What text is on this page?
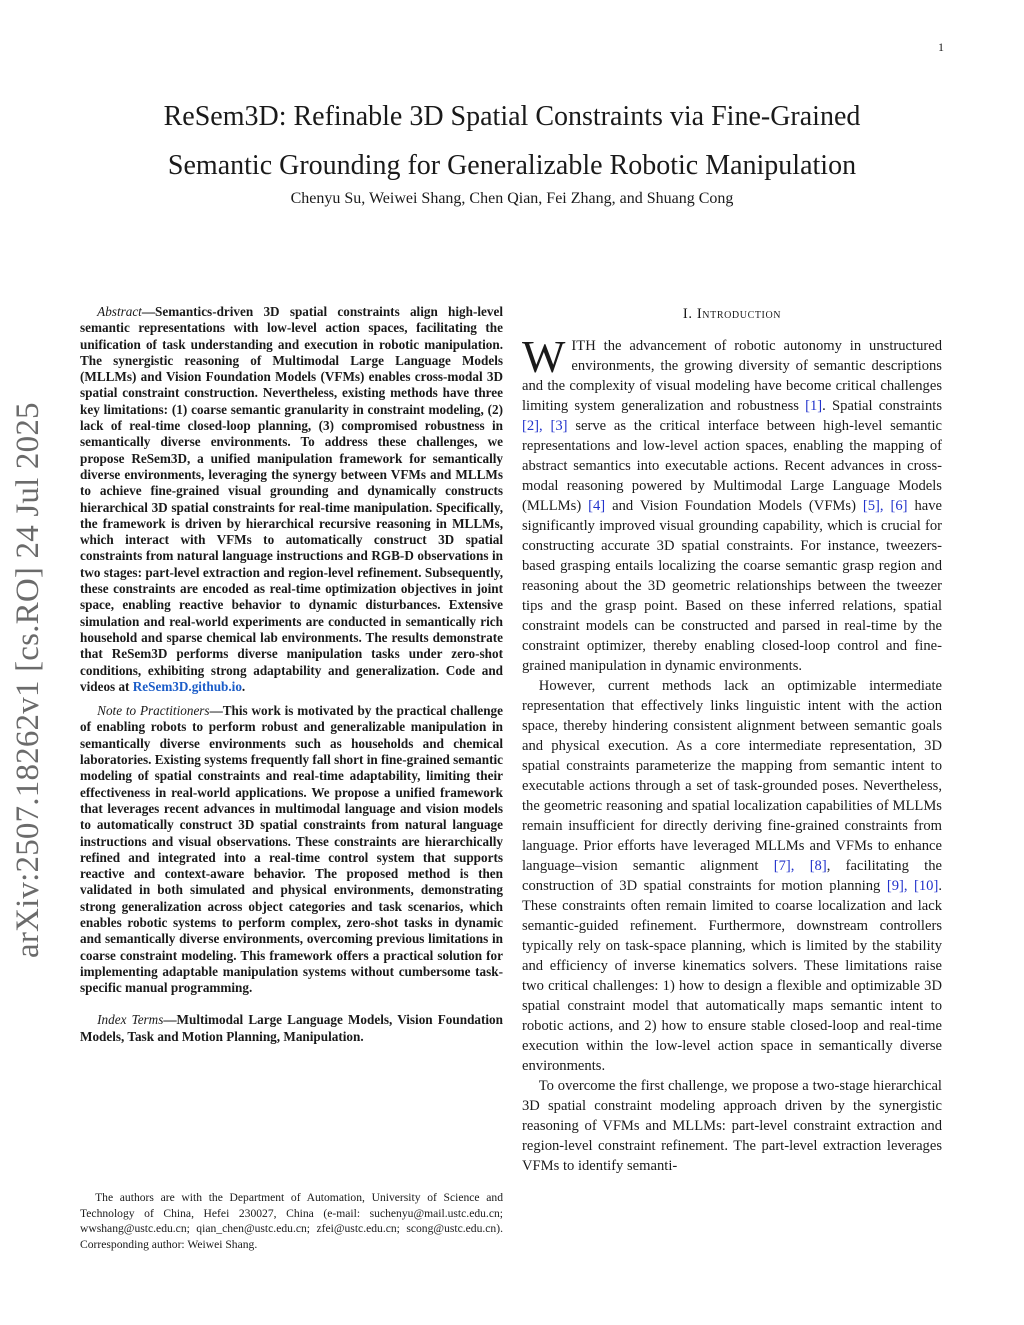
1
arXiv:2507.18262v1 [cs.RO] 24 Jul 2025
ReSem3D: Refinable 3D Spatial Constraints via Fine-Grained
Semantic Grounding for Generalizable Robotic Manipulation
Chenyu Su, Weiwei Shang, Chen Qian, Fei Zhang, and Shuang Cong

Abstract—Semantics-driven 3D spatial constraints align high-level semantic representations with low-level action spaces, facilitating the unification of task understanding and execution in robotic manipulation. The synergistic reasoning of Multimodal Large Language Models (MLLMs) and Vision Foundation Models (VFMs) enables cross-modal 3D spatial constraint construction. Nevertheless, existing methods have three key limitations: (1) coarse semantic granularity in constraint modeling, (2) lack of real-time closed-loop planning, (3) compromised robustness in semantically diverse environments. To address these challenges, we propose ReSem3D, a unified manipulation framework for semantically diverse environments, leveraging the synergy between VFMs and MLLMs to achieve fine-grained visual grounding and dynamically constructs hierarchical 3D spatial constraints for real-time manipulation. Specifically, the framework is driven by hierarchical recursive reasoning in MLLMs, which interact with VFMs to automatically construct 3D spatial constraints from natural language instructions and RGB-D observations in two stages: part-level extraction and region-level refinement. Subsequently, these constraints are encoded as real-time optimization objectives in joint space, enabling reactive behavior to dynamic disturbances. Extensive simulation and real-world experiments are conducted in semantically rich household and sparse chemical lab environments. The results demonstrate that ReSem3D performs diverse manipulation tasks under zero-shot conditions, exhibiting strong adaptability and generalization. Code and videos at ReSem3D.github.io.

Note to Practitioners—This work is motivated by the practical challenge of enabling robots to perform robust and generalizable manipulation in semantically diverse environments such as households and chemical laboratories. Existing systems frequently fall short in fine-grained semantic modeling of spatial constraints and real-time adaptability, limiting their effectiveness in real-world applications. We propose a unified framework that leverages recent advances in multimodal language and vision models to automatically construct 3D spatial constraints from natural language instructions and visual observations. These constraints are hierarchically refined and integrated into a real-time control system that supports reactive and context-aware behavior. The proposed method is then validated in both simulated and physical environments, demonstrating strong generalization across object categories and task scenarios, which enables robotic systems to perform complex, zero-shot tasks in dynamic and semantically diverse environments, overcoming previous limitations in coarse constraint modeling. This framework offers a practical solution for implementing adaptable manipulation systems without cumbersome task-specific manual programming.

Index Terms—Multimodal Large Language Models, Vision Foundation Models, Task and Motion Planning, Manipulation.

The authors are with the Department of Automation, University of Science and Technology of China, Hefei 230027, China (e-mail: suchenyu@mail.ustc.edu.cn; wwshang@ustc.edu.cn; qian_chen@ustc.edu.cn; zfei@ustc.edu.cn; scong@ustc.edu.cn). Corresponding author: Weiwei Shang.

I. Introduction

WITH the advancement of robotic autonomy in unstructured environments, the growing diversity of semantic descriptions and the complexity of visual modeling have become critical challenges limiting system generalization and robustness [1]. Spatial constraints [2], [3] serve as the critical interface between high-level semantic representations and low-level action spaces, enabling the mapping of abstract semantics into executable actions. Recent advances in cross-modal reasoning powered by Multimodal Large Language Models (MLLMs) [4] and Vision Foundation Models (VFMs) [5], [6] have significantly improved visual grounding capability, which is crucial for constructing accurate 3D spatial constraints. For instance, tweezers-based grasping entails localizing the coarse semantic grasp region and reasoning about the 3D geometric relationships between the tweezer tips and the grasp point. Based on these inferred relations, spatial constraint models can be constructed and parsed in real-time by the constraint optimizer, thereby enabling closed-loop control and fine-grained manipulation in dynamic environments.

However, current methods lack an optimizable intermediate representation that effectively links linguistic intent with the action space, thereby hindering consistent alignment between semantic goals and physical execution. As a core intermediate representation, 3D spatial constraints parameterize the mapping from semantic intent to executable actions through a set of task-grounded poses. Nevertheless, the geometric reasoning and spatial localization capabilities of MLLMs remain insufficient for directly deriving fine-grained constraints from language. Prior efforts have leveraged MLLMs and VFMs to enhance language–vision semantic alignment [7], [8], facilitating the construction of 3D spatial constraints for motion planning [9], [10]. These constraints often remain limited to coarse localization and lack semantic-guided refinement. Furthermore, downstream controllers typically rely on task-space planning, which is limited by the stability and efficiency of inverse kinematics solvers. These limitations raise two critical challenges: 1) how to design a flexible and optimizable 3D spatial constraint model that automatically maps semantic intent to robotic actions, and 2) how to ensure stable closed-loop and real-time execution within the low-level action space in semantically diverse environments.

To overcome the first challenge, we propose a two-stage hierarchical 3D spatial constraint modeling approach driven by the synergistic reasoning of VFMs and MLLMs: part-level constraint extraction and region-level constraint refinement. The part-level extraction leverages VFMs to identify semanti-
